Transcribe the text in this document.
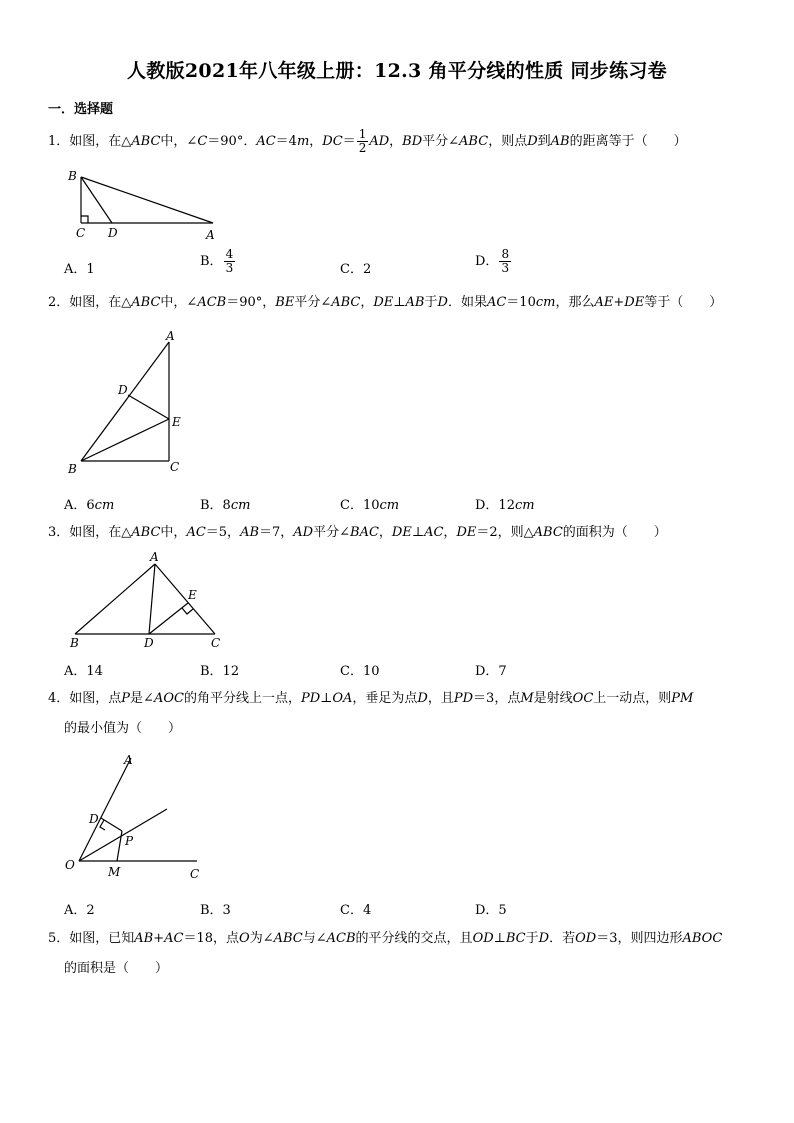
人教版2021年八年级上册：12.3 角平分线的性质 同步练习卷
一．选择题
1．如图，在△ABC中，∠C＝90°．AC＝4m，$DC= \frac{1}{2}$ AD，BD平分∠ABC，则点D到AB的距离等于（　　）
B
C D	A
A．1
B． $\frac{4}{3}$	C．2
D． $\frac{8}{3}$
2．如图，在△ABC中，∠ACB＝90°，BE平分∠ABC，DE⊥AB于D．如果AC＝10cm，那么AE+DE等于（　　）
A
D
E
B	C
A．6cm	B．8cm	C．10cm	D．12cm
3．如图，在△ABC中，AC＝5，AB＝7，AD平分∠BAC，DE⊥AC，DE＝2，则△ABC的面积为（　　）
A
E
B	D	C
A．14	B．12	C．10	D．7
4．如图，点P是∠AOC的角平分线上一点，PD⊥OA，垂足为点D，且PD＝3，点M是射线OC上一动点，则PM
的最小值为（　　）
A
D
P
O	M	C
A．2	B．3	C．4	D．5
5．如图，已知AB+AC＝18，点O为∠ABC与∠ACB的平分线的交点，且OD⊥BC于D．若OD＝3，则四边形ABOC
的面积是（　　）
